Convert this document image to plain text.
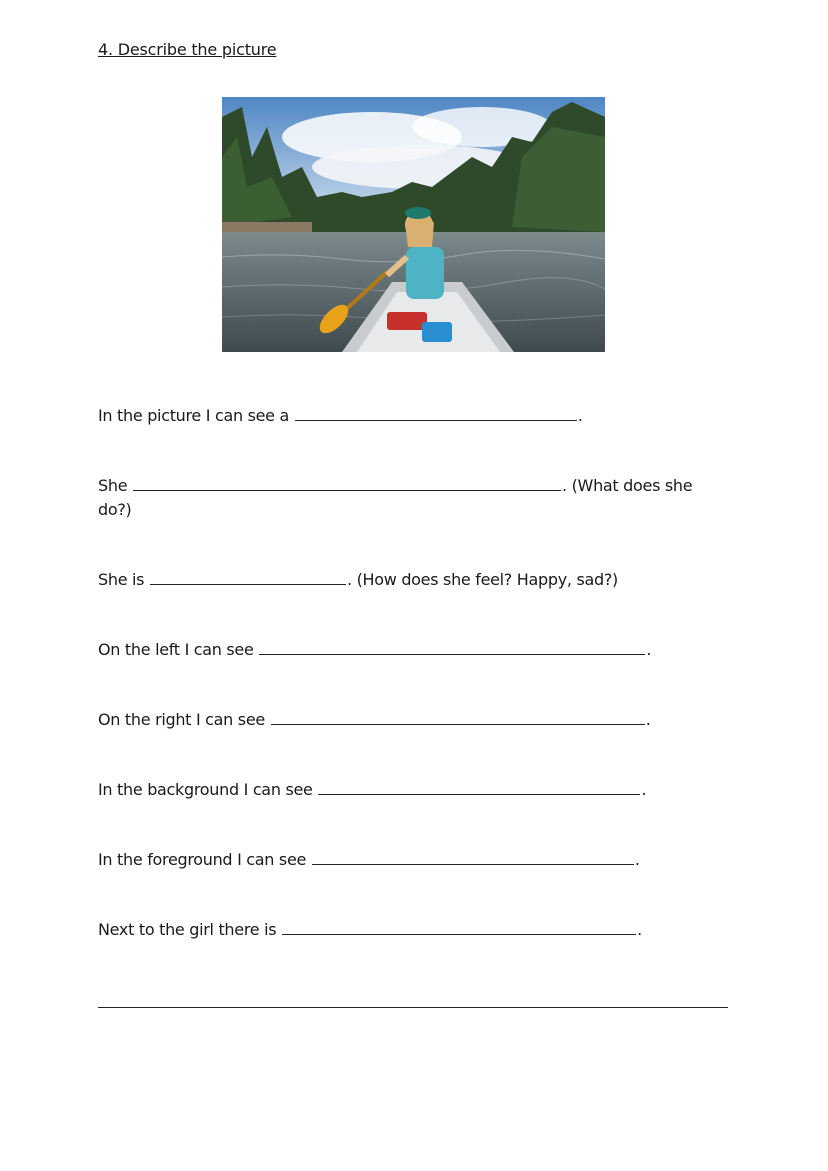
4. Describe the picture
In the picture I can see a	.
She	. (What does she
do?)
She is	. (How does she feel? Happy, sad?)
On the left I can see	.
On the right I can see	.
In the background I can see	.
In the foreground I can see	.
Next to the girl there is	.
